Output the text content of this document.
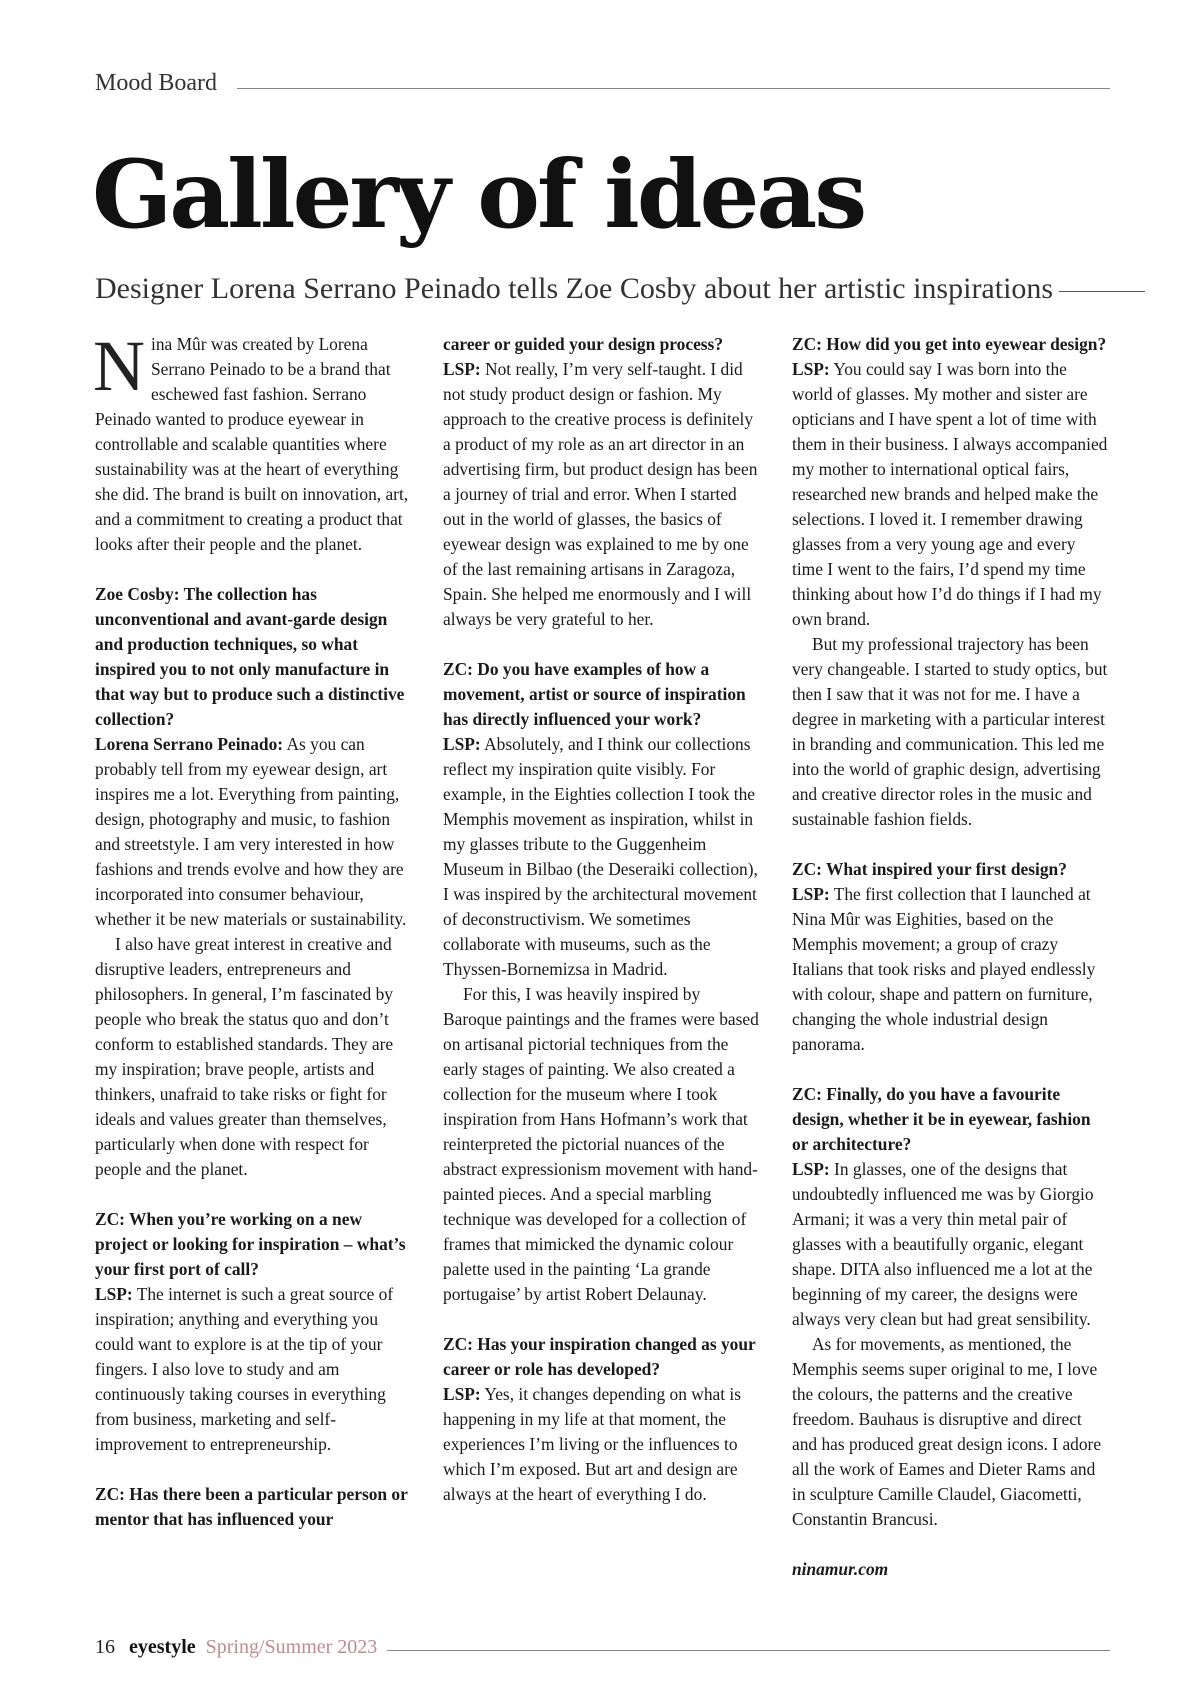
Mood Board
Gallery of ideas
Designer Lorena Serrano Peinado tells Zoe Cosby about her artistic inspirations

Nina Mûr was created by Lorena Serrano Peinado to be a brand that eschewed fast fashion. Serrano Peinado wanted to produce eyewear in controllable and scalable quantities where sustainability was at the heart of everything she did. The brand is built on innovation, art, and a commitment to creating a product that looks after their people and the planet.

Zoe Cosby: The collection has unconventional and avant-garde design and production techniques, so what inspired you to not only manufacture in that way but to produce such a distinctive collection?

Lorena Serrano Peinado: As you can probably tell from my eyewear design, art inspires me a lot. Everything from painting, design, photography and music, to fashion and streetstyle. I am very interested in how fashions and trends evolve and how they are incorporated into consumer behaviour, whether it be new materials or sustainability.

I also have great interest in creative and disruptive leaders, entrepreneurs and philosophers. In general, I’m fascinated by people who break the status quo and don’t conform to established standards. They are my inspiration; brave people, artists and thinkers, unafraid to take risks or fight for ideals and values greater than themselves, particularly when done with respect for people and the planet.

ZC: When you’re working on a new project or looking for inspiration – what’s your first port of call?

LSP: The internet is such a great source of inspiration; anything and everything you could want to explore is at the tip of your fingers. I also love to study and am continuously taking courses in everything from business, marketing and self-improvement to entrepreneurship.

ZC: Has there been a particular person or mentor that has influenced your

career or guided your design process?

LSP: Not really, I’m very self-taught. I did not study product design or fashion. My approach to the creative process is definitely a product of my role as an art director in an advertising firm, but product design has been a journey of trial and error. When I started out in the world of glasses, the basics of eyewear design was explained to me by one of the last remaining artisans in Zaragoza, Spain. She helped me enormously and I will always be very grateful to her.

ZC: Do you have examples of how a movement, artist or source of inspiration has directly influenced your work?

LSP: Absolutely, and I think our collections reflect my inspiration quite visibly. For example, in the Eighties collection I took the Memphis movement as inspiration, whilst in my glasses tribute to the Guggenheim Museum in Bilbao (the Deseraiki collection), I was inspired by the architectural movement of deconstructivism. We sometimes collaborate with museums, such as the Thyssen-Bornemizsa in Madrid.

For this, I was heavily inspired by Baroque paintings and the frames were based on artisanal pictorial techniques from the early stages of painting. We also created a collection for the museum where I took inspiration from Hans Hofmann’s work that reinterpreted the pictorial nuances of the abstract expressionism movement with hand-painted pieces. And a special marbling technique was developed for a collection of frames that mimicked the dynamic colour palette used in the painting ‘La grande portugaise’ by artist Robert Delaunay.

ZC: Has your inspiration changed as your career or role has developed?

LSP: Yes, it changes depending on what is happening in my life at that moment, the experiences I’m living or the influences to which I’m exposed. But art and design are always at the heart of everything I do.

ZC: How did you get into eyewear design?

LSP: You could say I was born into the world of glasses. My mother and sister are opticians and I have spent a lot of time with them in their business. I always accompanied my mother to international optical fairs, researched new brands and helped make the selections. I loved it. I remember drawing glasses from a very young age and every time I went to the fairs, I’d spend my time thinking about how I’d do things if I had my own brand.

But my professional trajectory has been very changeable. I started to study optics, but then I saw that it was not for me. I have a degree in marketing with a particular interest in branding and communication. This led me into the world of graphic design, advertising and creative director roles in the music and sustainable fashion fields.

ZC: What inspired your first design?

LSP: The first collection that I launched at Nina Mûr was Eighities, based on the Memphis movement; a group of crazy Italians that took risks and played endlessly with colour, shape and pattern on furniture, changing the whole industrial design panorama.

ZC: Finally, do you have a favourite design, whether it be in eyewear, fashion or architecture?

LSP: In glasses, one of the designs that undoubtedly influenced me was by Giorgio Armani; it was a very thin metal pair of glasses with a beautifully organic, elegant shape. DITA also influenced me a lot at the beginning of my career, the designs were always very clean but had great sensibility.

As for movements, as mentioned, the Memphis seems super original to me, I love the colours, the patterns and the creative freedom. Bauhaus is disruptive and direct and has produced great design icons. I adore all the work of Eames and Dieter Rams and in sculpture Camille Claudel, Giacometti, Constantin Brancusi.

ninamur.com

16 eyestyle Spring/Summer 2023
